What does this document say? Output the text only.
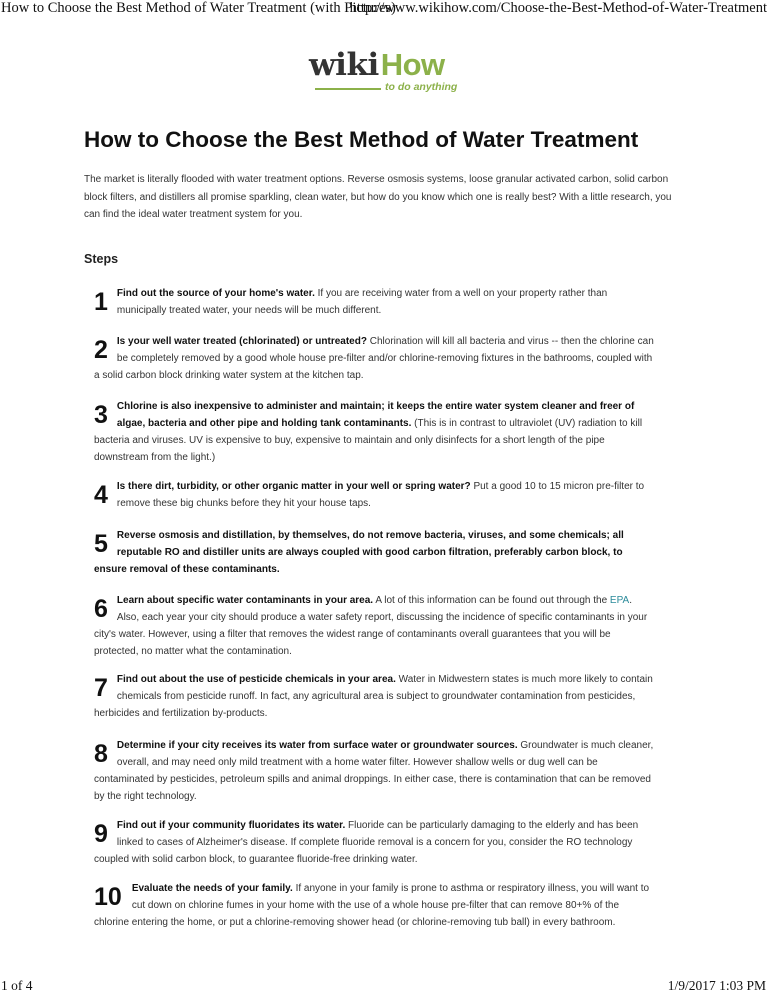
How to Choose the Best Method of Water Treatment (with Pictures)
http://www.wikihow.com/Choose-the-Best-Method-of-Water-Treatment
wikiHow
to do anything
How to Choose the Best Method of Water Treatment

The market is literally flooded with water treatment options. Reverse osmosis systems, loose granular activated carbon, solid carbon block filters, and distillers all promise sparkling, clean water, but how do you know which one is really best? With a little research, you can find the ideal water treatment system for you.

Steps
1 Find out the source of your home's water. If you are receiving water from a well on your property rather than municipally treated water, your needs will be much different.
2 Is your well water treated (chlorinated) or untreated? Chlorination will kill all bacteria and virus -- then the chlorine can be completely removed by a good whole house pre-filter and/or chlorine-removing fixtures in the bathrooms, coupled with a solid carbon block drinking water system at the kitchen tap.
3 Chlorine is also inexpensive to administer and maintain; it keeps the entire water system cleaner and freer of algae, bacteria and other pipe and holding tank contaminants. (This is in contrast to ultraviolet (UV) radiation to kill bacteria and viruses. UV is expensive to buy, expensive to maintain and only disinfects for a short length of the pipe downstream from the light.)
4 Is there dirt, turbidity, or other organic matter in your well or spring water? Put a good 10 to 15 micron pre-filter to remove these big chunks before they hit your house taps.
5 Reverse osmosis and distillation, by themselves, do not remove bacteria, viruses, and some chemicals; all reputable RO and distiller units are always coupled with good carbon filtration, preferably carbon block, to ensure removal of these contaminants.
6 Learn about specific water contaminants in your area. A lot of this information can be found out through the EPA. Also, each year your city should produce a water safety report, discussing the incidence of specific contaminants in your city's water. However, using a filter that removes the widest range of contaminants overall guarantees that you will be protected, no matter what the contamination.
7 Find out about the use of pesticide chemicals in your area. Water in Midwestern states is much more likely to contain chemicals from pesticide runoff. In fact, any agricultural area is subject to groundwater contamination from pesticides, herbicides and fertilization by-products.
8 Determine if your city receives its water from surface water or groundwater sources. Groundwater is much cleaner, overall, and may need only mild treatment with a home water filter. However shallow wells or dug well can be contaminated by pesticides, petroleum spills and animal droppings. In either case, there is contamination that can be removed by the right technology.
9 Find out if your community fluoridates its water. Fluoride can be particularly damaging to the elderly and has been linked to cases of Alzheimer's disease. If complete fluoride removal is a concern for you, consider the RO technology coupled with solid carbon block, to guarantee fluoride-free drinking water.
10 Evaluate the needs of your family. If anyone in your family is prone to asthma or respiratory illness, you will want to cut down on chlorine fumes in your home with the use of a whole house pre-filter that can remove 80+% of the chlorine entering the home, or put a chlorine-removing shower head (or chlorine-removing tub ball) in every bathroom.
1 of 4	1/9/2017 1:03 PM
